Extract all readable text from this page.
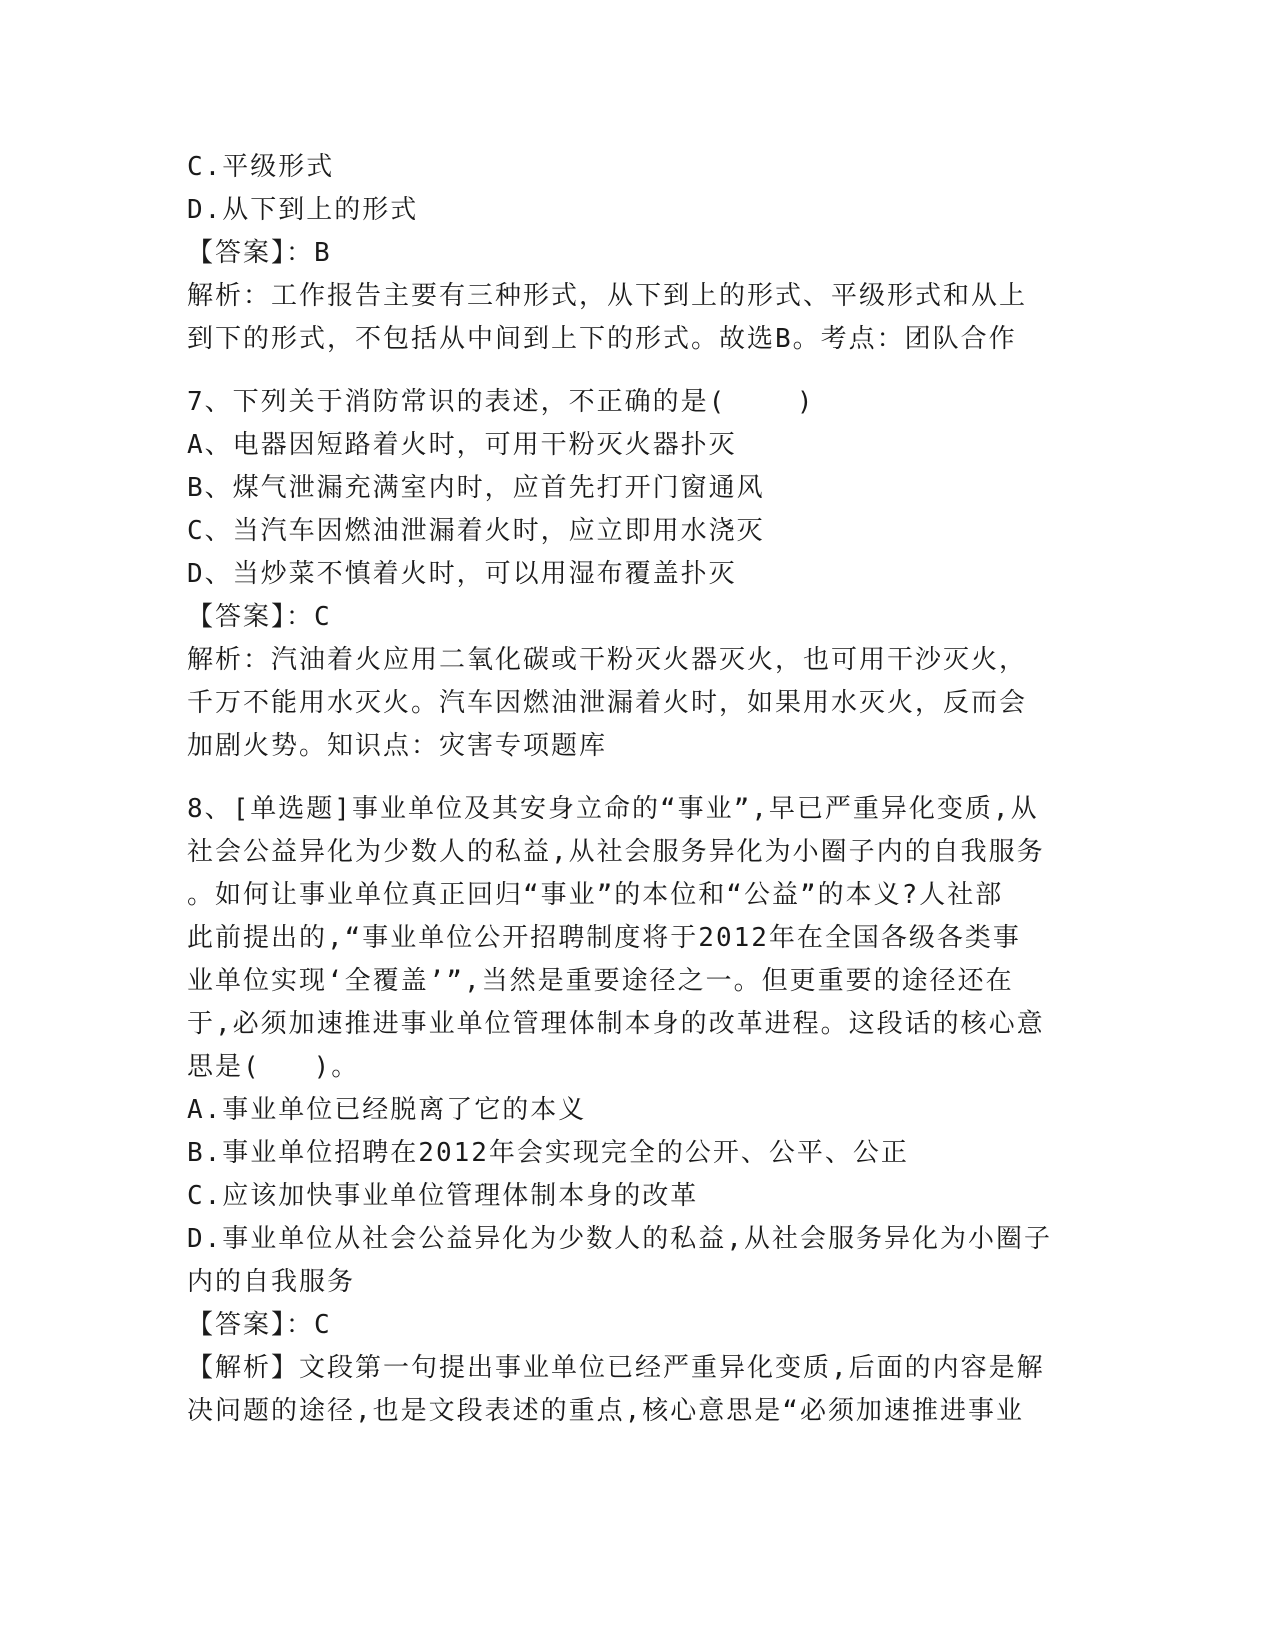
C.平级形式
D.从下到上的形式
【答案】：B
解析：工作报告主要有三种形式，从下到上的形式、平级形式和从上
到下的形式，不包括从中间到上下的形式。故选B。考点：团队合作
7、下列关于消防常识的表述，不正确的是(    )
A、电器因短路着火时，可用干粉灭火器扑灭
B、煤气泄漏充满室内时，应首先打开门窗通风
C、当汽车因燃油泄漏着火时，应立即用水浇灭
D、当炒菜不慎着火时，可以用湿布覆盖扑灭
【答案】：C
解析：汽油着火应用二氧化碳或干粉灭火器灭火，也可用干沙灭火，
千万不能用水灭火。汽车因燃油泄漏着火时，如果用水灭火，反而会
加剧火势。知识点：灾害专项题库
8、[单选题]事业单位及其安身立命的“事业”,早已严重异化变质,从
社会公益异化为少数人的私益,从社会服务异化为小圈子内的自我服务
。如何让事业单位真正回归“事业”的本位和“公益”的本义?人社部
此前提出的,“事业单位公开招聘制度将于2012年在全国各级各类事
业单位实现‘全覆盖’”,当然是重要途径之一。但更重要的途径还在
于,必须加速推进事业单位管理体制本身的改革进程。这段话的核心意
思是(   )。
A.事业单位已经脱离了它的本义
B.事业单位招聘在2012年会实现完全的公开、公平、公正
C.应该加快事业单位管理体制本身的改革
D.事业单位从社会公益异化为少数人的私益,从社会服务异化为小圈子
内的自我服务
【答案】：C
【解析】文段第一句提出事业单位已经严重异化变质,后面的内容是解
决问题的途径,也是文段表述的重点,核心意思是“必须加速推进事业
